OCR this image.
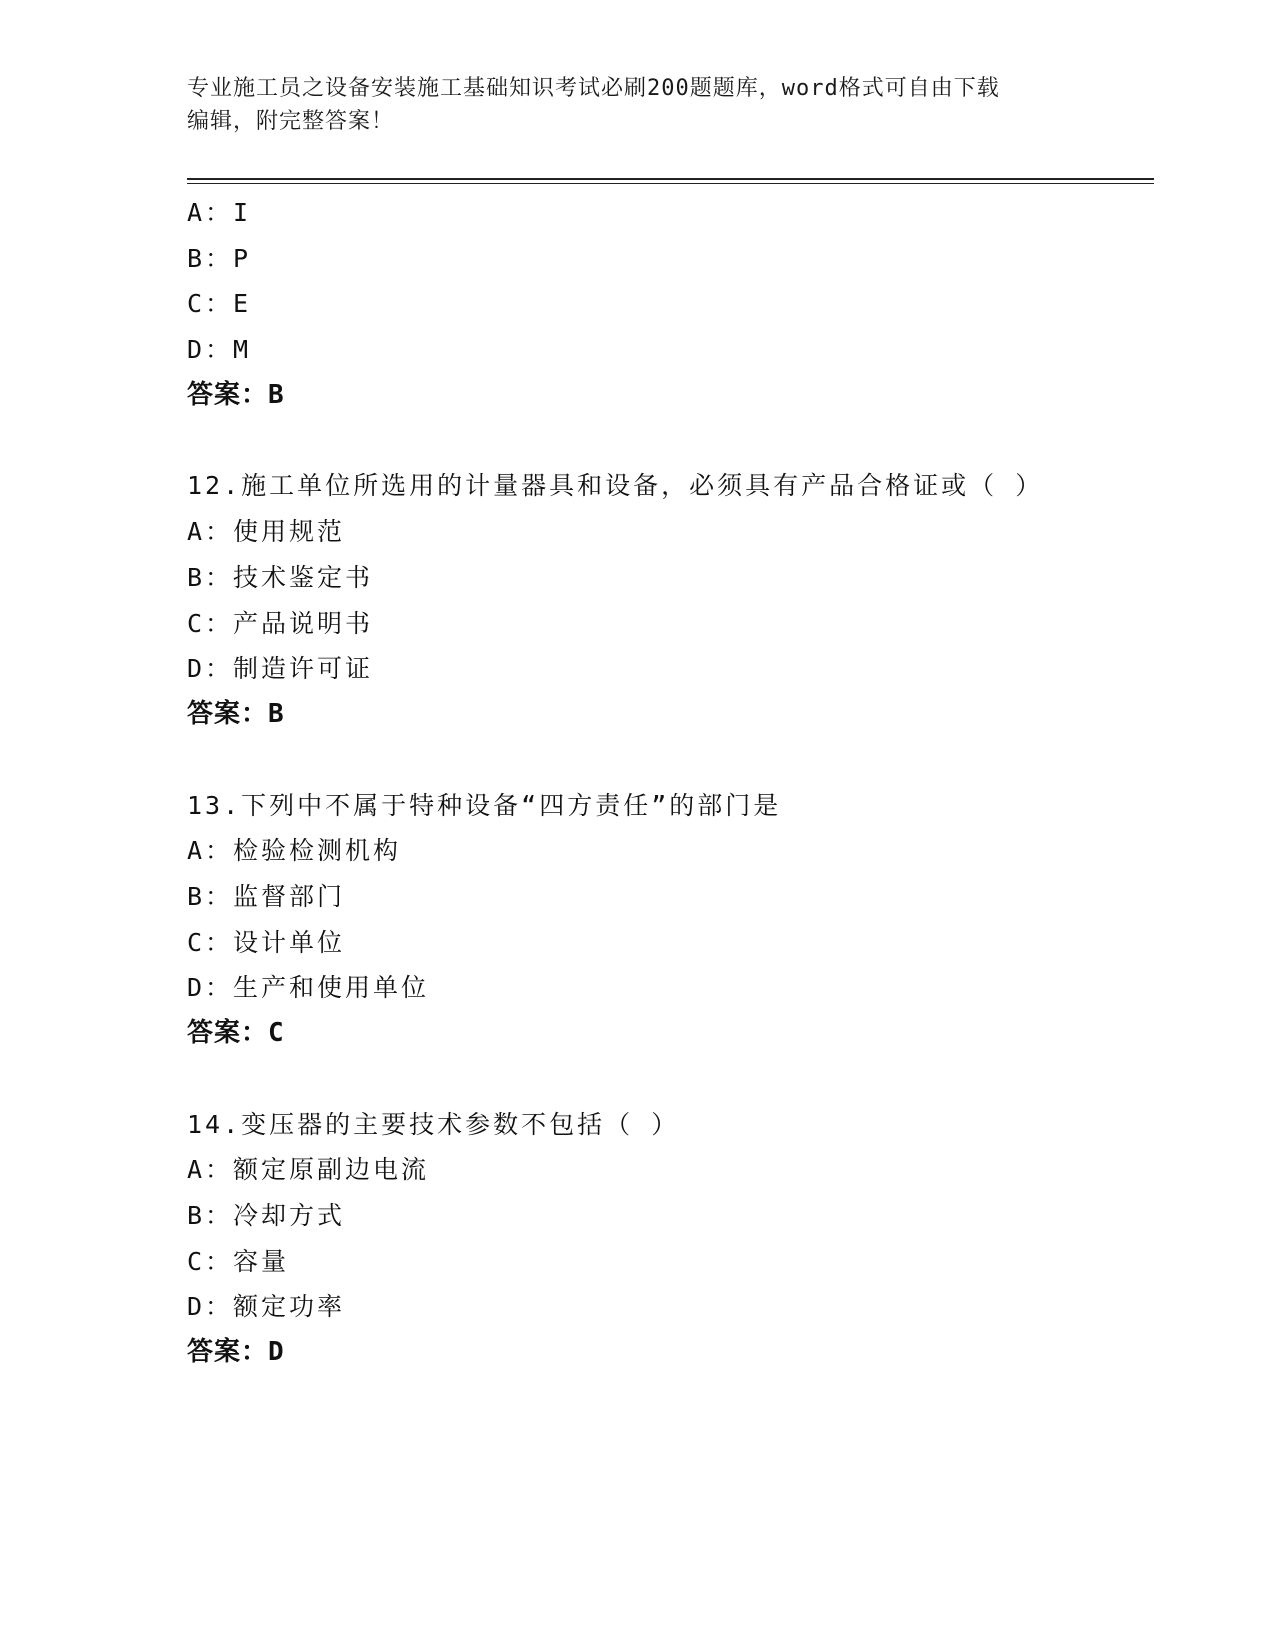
专业施工员之设备安装施工基础知识考试必刷200题题库，word格式可自由下载
编辑，附完整答案！
A：I
B：P
C：E
D：M
答案：B
12.施工单位所选用的计量器具和设备，必须具有产品合格证或（ ）
A：使用规范
B：技术鉴定书
C：产品说明书
D：制造许可证
答案：B
13.下列中不属于特种设备“四方责任”的部门是
A：检验检测机构
B：监督部门
C：设计单位
D：生产和使用单位
答案：C
14.变压器的主要技术参数不包括（ ）
A：额定原副边电流
B：冷却方式
C：容量
D：额定功率
答案：D
